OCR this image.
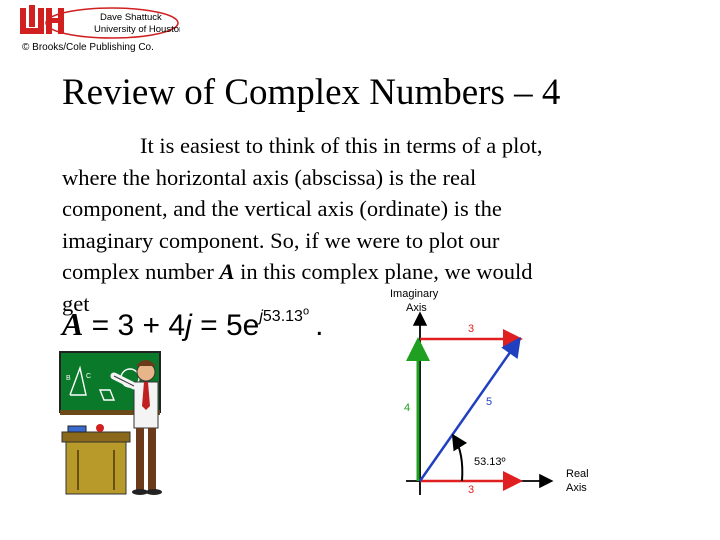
Dave Shattuck
University of Houston
© Brooks/Cole Publishing Co.
Review of Complex Numbers – 4
It is easiest to think of this in terms of a plot,
where the horizontal axis (abscissa) is the real
component, and the vertical axis (ordinate) is the
imaginary component. So, if we were to plot our
complex number A in this complex plane, we would
get
$A = 3 + 4j = 5e^{j53.13^o}$ .
B C
Imaginary
Axis
3
3
4	5
53.13º
Real
Axis
